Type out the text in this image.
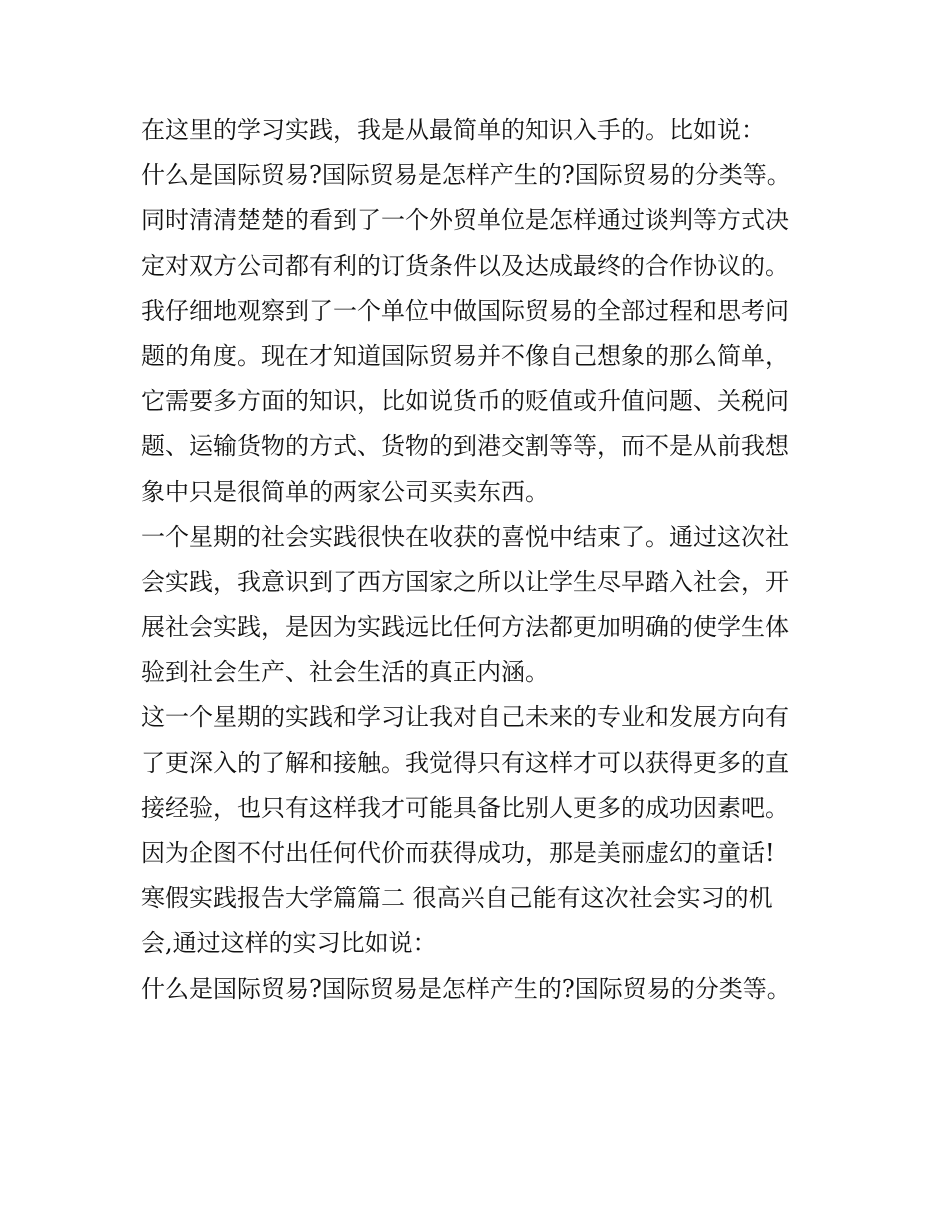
在这里的学习实践，我是从最简单的知识入手的。比如说：
什么是国际贸易?国际贸易是怎样产生的?国际贸易的分类等。
同时清清楚楚的看到了一个外贸单位是怎样通过谈判等方式决
定对双方公司都有利的订货条件以及达成最终的合作协议的。
我仔细地观察到了一个单位中做国际贸易的全部过程和思考问
题的角度。现在才知道国际贸易并不像自己想象的那么简单，
它需要多方面的知识，比如说货币的贬值或升值问题、关税问
题、运输货物的方式、货物的到港交割等等，而不是从前我想
象中只是很简单的两家公司买卖东西。
一个星期的社会实践很快在收获的喜悦中结束了。通过这次社
会实践，我意识到了西方国家之所以让学生尽早踏入社会，开
展社会实践，是因为实践远比任何方法都更加明确的使学生体
验到社会生产、社会生活的真正内涵。
这一个星期的实践和学习让我对自己未来的专业和发展方向有
了更深入的了解和接触。我觉得只有这样才可以获得更多的直
接经验，也只有这样我才可能具备比别人更多的成功因素吧。
因为企图不付出任何代价而获得成功，那是美丽虚幻的童话!
寒假实践报告大学篇篇二 很高兴自己能有这次社会实习的机
会,通过这样的实习比如说：
什么是国际贸易?国际贸易是怎样产生的?国际贸易的分类等。
